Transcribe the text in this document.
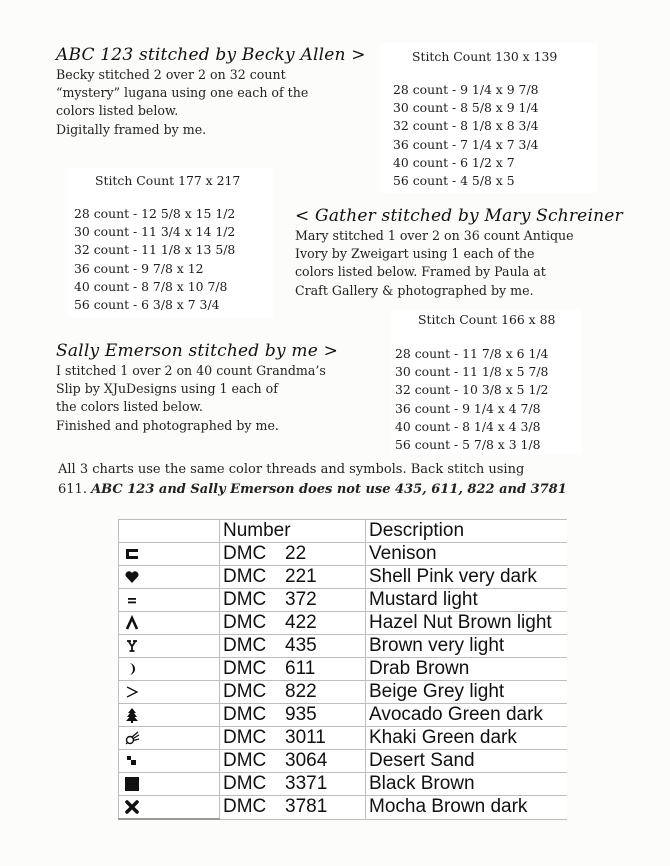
ABC 123 stitched by Becky Allen >
Becky stitched 2 over 2 on 32 count
“mystery” lugana using one each of the
colors listed below.
Digitally framed by me.
Stitch Count 130 x 139
28 count - 9 1/4 x 9 7/8
30 count - 8 5/8 x 9 1/4
32 count - 8 1/8 x 8 3/4
36 count - 7 1/4 x 7 3/4
40 count - 6 1/2 x 7
56 count - 4 5/8 x 5
Stitch Count 177 x 217
28 count - 12 5/8 x 15 1/2
30 count - 11 3/4 x 14 1/2
32 count - 11 1/8 x 13 5/8
36 count - 9 7/8 x 12
40 count - 8 7/8 x 10 7/8
56 count - 6 3/8 x 7 3/4
< Gather stitched by Mary Schreiner
Mary stitched 1 over 2 on 36 count Antique
Ivory by Zweigart using 1 each of the
colors listed below. Framed by Paula at
Craft Gallery & photographed by me.
Stitch Count 166 x 88
28 count - 11 7/8 x 6 1/4
30 count - 11 1/8 x 5 7/8
32 count - 10 3/8 x 5 1/2
36 count - 9 1/4 x 4 7/8
40 count - 8 1/4 x 4 3/8
56 count - 5 7/8 x 3 1/8
Sally Emerson stitched by me >
I stitched 1 over 2 on 40 count Grandma’s
Slip by XJuDesigns using 1 each of
the colors listed below.
Finished and photographed by me.
All 3 charts use the same color threads and symbols. Back stitch using
611. ABC 123 and Sally Emerson does not use 435, 611, 822 and 3781
	Number	Description
	DMC 22	Venison
	DMC 221	Shell Pink very dark
	DMC 372	Mustard light
	DMC 422	Hazel Nut Brown light
	DMC 435	Brown very light
	DMC 611	Drab Brown
	DMC 822	Beige Grey light
	DMC 935	Avocado Green dark
	DMC 3011	Khaki Green dark
	DMC 3064	Desert Sand
	DMC 3371	Black Brown
	DMC 3781	Mocha Brown dark
